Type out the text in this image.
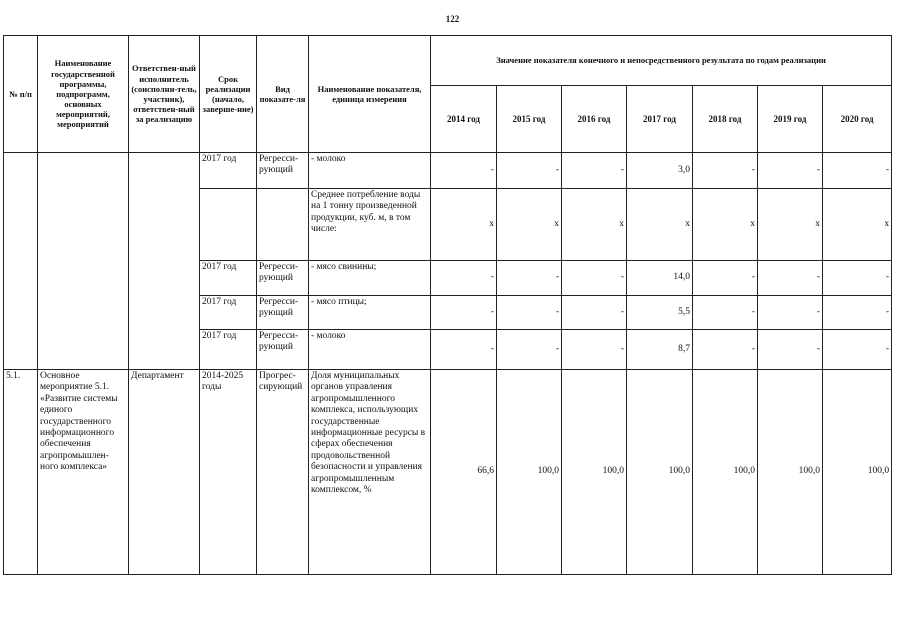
122
№ п/п	Наименование государственной программы, подпрограмм, основных мероприятий, мероприятий	Ответствен-ный исполнитель (соисполни-тель, участник), ответствен-ный за реализацию	Срок реализации (начало, заверше-ние)	Вид показате-ля	Наименование показателя, единица измерения	Значение показателя конечного и непосредственного результата по годам реализации						
						2014 год	2015 год	2016 год	2017 год	2018 год	2019 год	2020 год
			2017 год	Регресси-рующий	- молоко	-	-	-	3,0	-	-	-
					Среднее потребление воды на 1 тонну произведенной продукции, куб. м, в том числе:	х	х	х	х	х	х	х
			2017 год	Регресси-рующий	- мясо свинины;	-	-	-	14,0	-	-	-
			2017 год	Регресси-рующий	- мясо птицы;	-	-	-	5,5	-	-	-
			2017 год	Регресси-рующий	- молоко	-	-	-	8,7	-	-	-
5.1.	Основное мероприятие 5.1. «Развитие системы единого государственного информационного обеспечения агропромышлен-ного комплекса»	Департамент	2014-2025 годы	Прогрес-сирующий	Доля муниципальных органов управления агропромышленного комплекса, использующих государственные информационные ресурсы в сферах обеспечения продовольственной безопасности и управления агропромышленным комплексом, %	66,6	100,0	100,0	100,0	100,0	100,0	100,0
